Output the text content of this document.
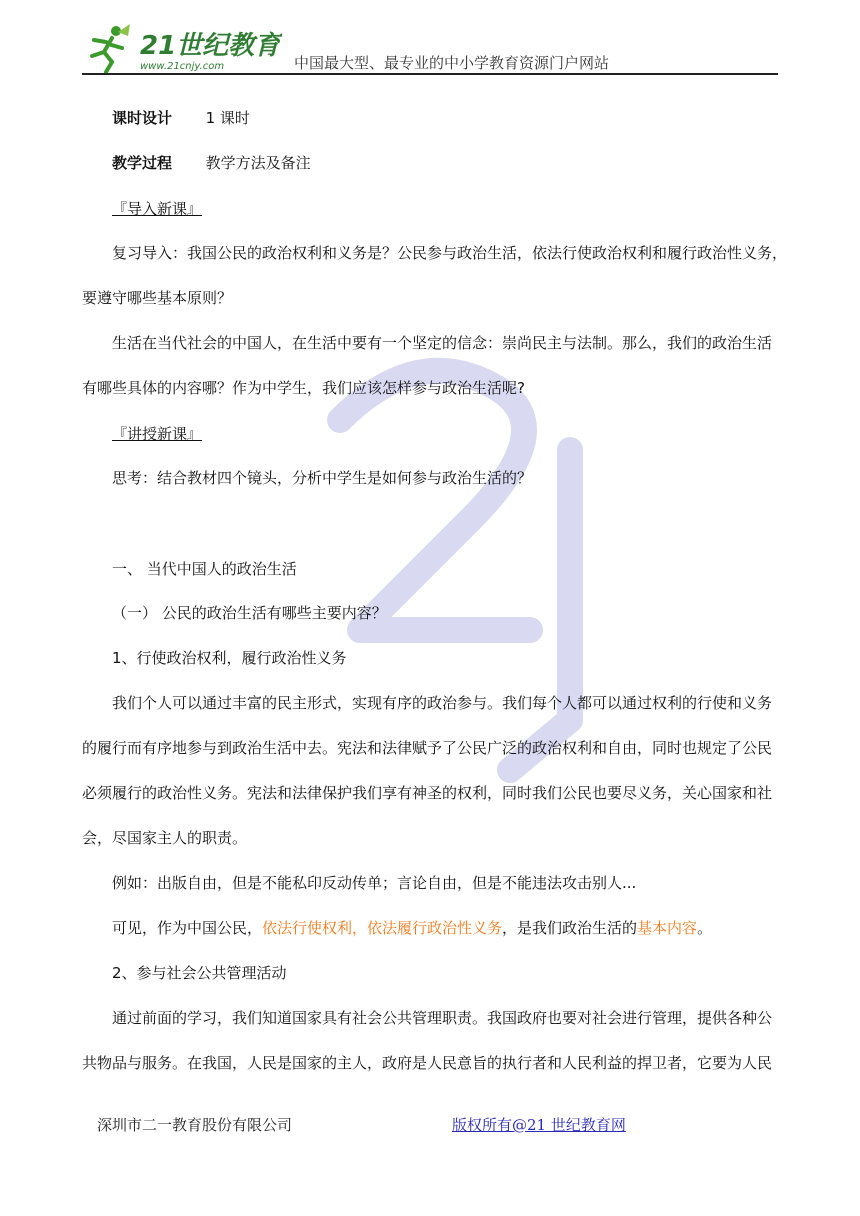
21世纪教育
www.21cnjy.com	中国最大型、最专业的中小学教育资源门户网站
课时设计 1 课时
教学过程 教学方法及备注
『导入新课』
复习导入：我国公民的政治权利和义务是？公民参与政治生活，依法行使政治权利和履行政治性义务，
要遵守哪些基本原则？
生活在当代社会的中国人，在生活中要有一个坚定的信念：崇尚民主与法制。那么，我们的政治生活
有哪些具体的内容哪？作为中学生，我们应该怎样参与政治生活呢?
『讲授新课』
思考：结合教材四个镜头，分析中学生是如何参与政治生活的？
一、 当代中国人的政治生活
（一） 公民的政治生活有哪些主要内容？
1、行使政治权利，履行政治性义务
我们个人可以通过丰富的民主形式，实现有序的政治参与。我们每个人都可以通过权利的行使和义务
的履行而有序地参与到政治生活中去。宪法和法律赋予了公民广泛的政治权利和自由，同时也规定了公民
必须履行的政治性义务。宪法和法律保护我们享有神圣的权利，同时我们公民也要尽义务，关心国家和社
会，尽国家主人的职责。
例如：出版自由，但是不能私印反动传单；言论自由，但是不能违法攻击别人...
可见，作为中国公民，依法行使权利，依法履行政治性义务，是我们政治生活的基本内容。
2、参与社会公共管理活动
通过前面的学习，我们知道国家具有社会公共管理职责。我国政府也要对社会进行管理，提供各种公
共物品与服务。在我国，人民是国家的主人，政府是人民意旨的执行者和人民利益的捍卫者，它要为人民
深圳市二一教育股份有限公司	版权所有@21 世纪教育网
